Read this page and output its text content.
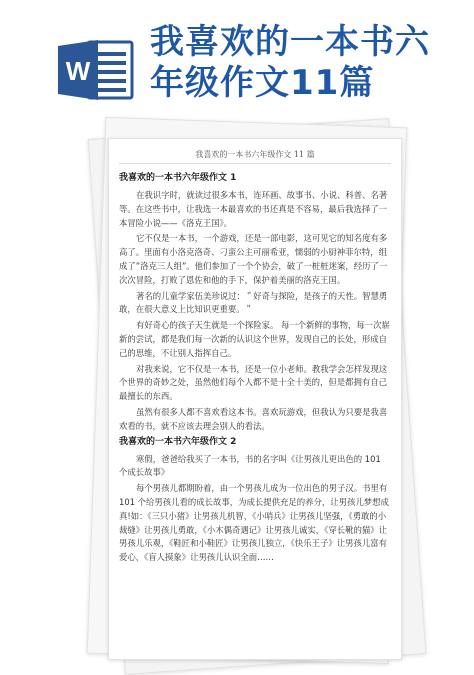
W
我喜欢的一本书六
年级作文11篇
我喜欢的一本书六年级作文 11 篇
我喜欢的一本书六年级作文 1

在我识字时，就读过很多本书，连环画、故事书、小说、科普、名著等。在这些书中，让我选一本最喜欢的书还真是不容易，最后我选择了一本冒险小说——《洛克王国》。

它不仅是一本书，一个游戏，还是一部电影，这可见它的知名度有多高了。里面有小洛克洛奇、刁蛮公主可丽希亚，懦弱的小厨神菲尔特，组成了”洛克三人组”。他们参加了一个个协会，破了一桩桩迷案，经历了一次次冒险，打败了恩佐和他的手下，保护着美丽的洛克王国。

著名的儿童学家伍美珍说过：＂好奇与探险，是孩子的天性。智慧勇敢，在很大意义上比知识更重要。＂

有好奇心的孩子天生就是一个探险家。 每一个新鲜的事物，每一次崭新的尝试，都是我们每一次新的认识这个世界，发现自己的长处，形成自己的思维，不让别人指挥自己。

对我来说，它不仅是一本书，还是一位小老师。教我学会怎样发现这个世界的奇妙之处，虽然他们每个人都不是十全十美的，但是都拥有自己最擅长的东西。

虽然有很多人都不喜欢看这本书。喜欢玩游戏，但我认为只要是我喜欢看的书，就不应该去理会别人的看法。

我喜欢的一本书六年级作文 2

寒假，爸爸给我买了一本书，书的名字叫《让男孩儿更出色的 101 个成长故事》

每个男孩儿都期盼着，由一个男孩儿成为一位出色的男子汉。书里有 101 个给男孩儿看的成长故事，为成长提供充足的养分，让男孩儿梦想成真!如：《三只小猪》让男孩儿机智，《小哨兵》让男孩儿坚强，《勇敢的小裁缝》让男孩儿勇敢，《小木偶奇遇记》让男孩儿诚实，《穿长靴的猫》让男孩儿乐观，《鞋匠和小鞋匠》让男孩儿独立，《快乐王子》让男孩儿富有爱心，《盲人摸象》让男孩儿认识全面……
